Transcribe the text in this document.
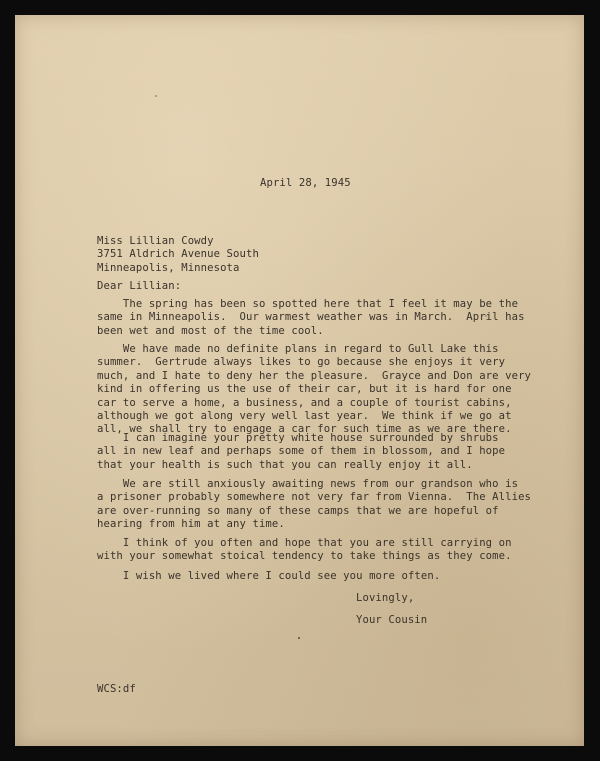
April 28, 1945
Miss Lillian Cowdy
3751 Aldrich Avenue South
Minneapolis, Minnesota
Dear Lillian:
The spring has been so spotted here that I feel it may be the
same in Minneapolis.  Our warmest weather was in March.  April has
been wet and most of the time cool.
We have made no definite plans in regard to Gull Lake this
summer.  Gertrude always likes to go because she enjoys it very
much, and I hate to deny her the pleasure.  Grayce and Don are very
kind in offering us the use of their car, but it is hard for one
car to serve a home, a business, and a couple of tourist cabins,
although we got along very well last year.  We think if we go at
all, we shall try to engage a car for such time as we are there.
I can imagine your pretty white house surrounded by shrubs
all in new leaf and perhaps some of them in blossom, and I hope
that your health is such that you can really enjoy it all.
We are still anxiously awaiting news from our grandson who is
a prisoner probably somewhere not very far from Vienna.  The Allies
are over-running so many of these camps that we are hopeful of
hearing from him at any time.
I think of you often and hope that you are still carrying on
with your somewhat stoical tendency to take things as they come.
I wish we lived where I could see you more often.
Lovingly,
Your Cousin
WCS:df
